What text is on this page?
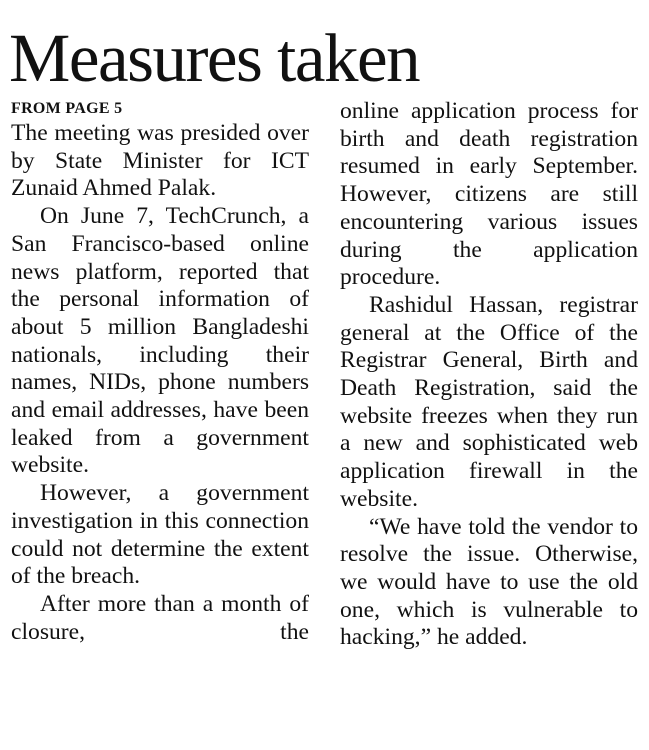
Measures taken

FROM PAGE 5

The meeting was presided over by State Minister for ICT Zunaid Ahmed Palak.

On June 7, TechCrunch, a San Francisco-based online news platform, reported that the personal information of about 5 million Bangladeshi nationals, including their names, NIDs, phone numbers and email addresses, have been leaked from a government website.

However, a government investigation in this connection could not determine the extent of the breach.

After more than a month of closure, the

online application process for birth and death registration resumed in early September. However, citizens are still encountering various issues during the application procedure.

Rashidul Hassan, registrar general at the Office of the Registrar General, Birth and Death Registration, said the website freezes when they run a new and sophisticated web application firewall in the website.

“We have told the vendor to resolve the issue. Otherwise, we would have to use the old one, which is vulnerable to hacking,” he added.
